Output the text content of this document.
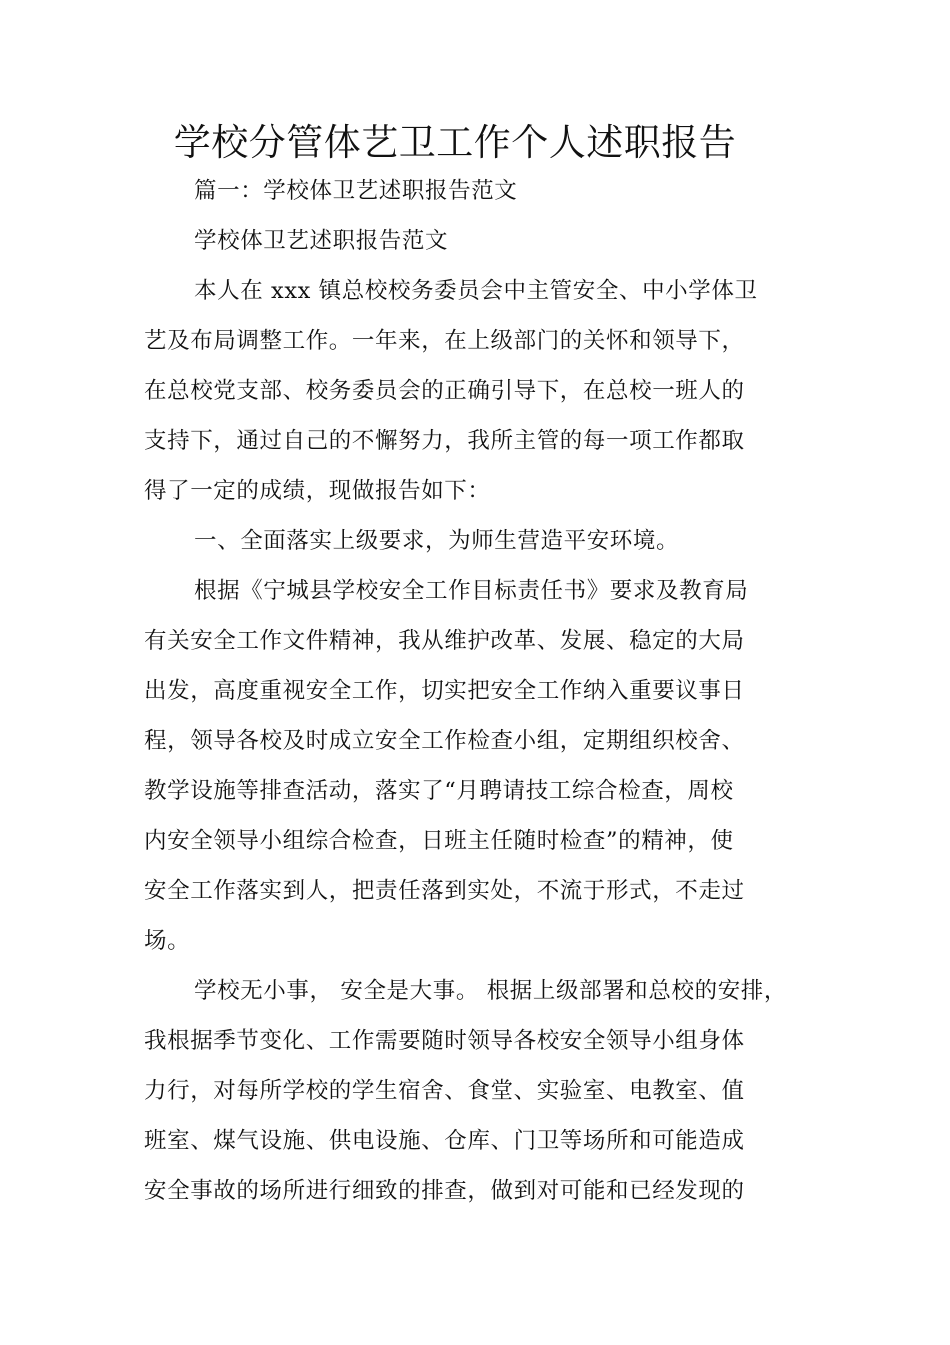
学校分管体艺卫工作个人述职报告
篇一：学校体卫艺述职报告范文
学校体卫艺述职报告范文
本人在 xxx 镇总校校务委员会中主管安全、中小学体卫
艺及布局调整工作。一年来，在上级部门的关怀和领导下，
在总校党支部、校务委员会的正确引导下，在总校一班人的
支持下，通过自己的不懈努力，我所主管的每一项工作都取
得了一定的成绩，现做报告如下：
一、全面落实上级要求，为师生营造平安环境。
根据《宁城县学校安全工作目标责任书》要求及教育局
有关安全工作文件精神，我从维护改革、发展、稳定的大局
出发，高度重视安全工作，切实把安全工作纳入重要议事日
程，领导各校及时成立安全工作检查小组，定期组织校舍、
教学设施等排查活动，落实了“月聘请技工综合检查，周校
内安全领导小组综合检查，日班主任随时检查”的精神，使
安全工作落实到人，把责任落到实处，不流于形式，不走过
场。
学校无小事， 安全是大事。 根据上级部署和总校的安排，
我根据季节变化、工作需要随时领导各校安全领导小组身体
力行，对每所学校的学生宿舍、食堂、实验室、电教室、值
班室、煤气设施、供电设施、仓库、门卫等场所和可能造成
安全事故的场所进行细致的排查，做到对可能和已经发现的
